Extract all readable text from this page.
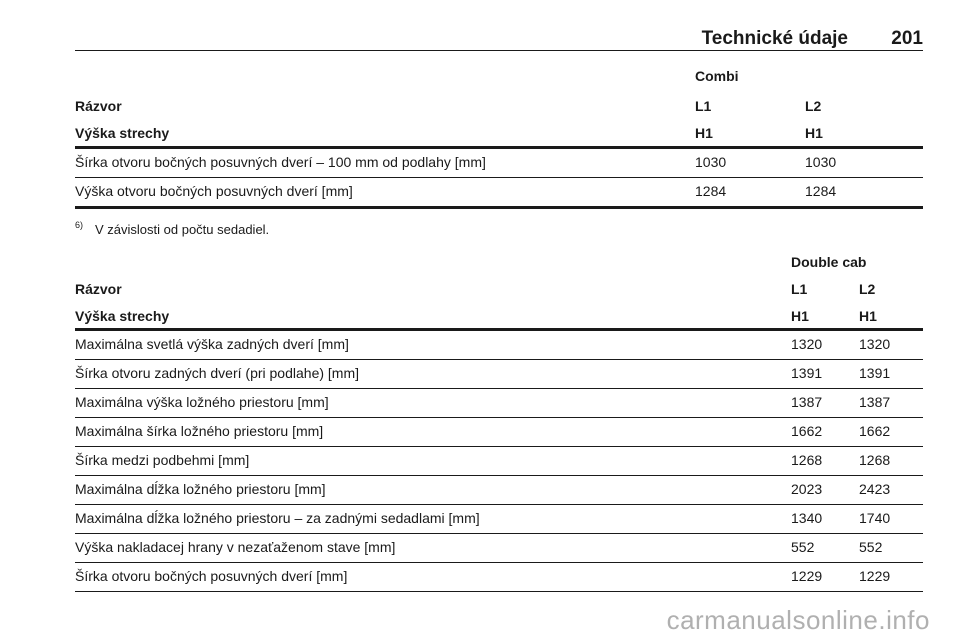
Technické údaje 201
Combi
Rázvor	L1	L2
Výška strechy	H1	H1
Šírka otvoru bočných posuvných dverí – 100 mm od podlahy [mm]	1030	1030
Výška otvoru bočných posuvných dverí [mm]	1284	1284
$^{6)}$ V závislosti od počtu sedadiel.
Double cab
Rázvor	L1	L2
Výška strechy	H1	H1
Maximálna svetlá výška zadných dverí [mm]	1320	1320
Šírka otvoru zadných dverí (pri podlahe) [mm]	1391	1391
Maximálna výška ložného priestoru [mm]	1387	1387
Maximálna šírka ložného priestoru [mm]	1662	1662
Šírka medzi podbehmi [mm]	1268	1268
Maximálna dĺžka ložného priestoru [mm]	2023	2423
Maximálna dĺžka ložného priestoru – za zadnými sedadlami [mm]	1340	1740
Výška nakladacej hrany v nezaťaženom stave [mm]	552	552
Šírka otvoru bočných posuvných dverí [mm]	1229	1229
carmanualsonline.info
